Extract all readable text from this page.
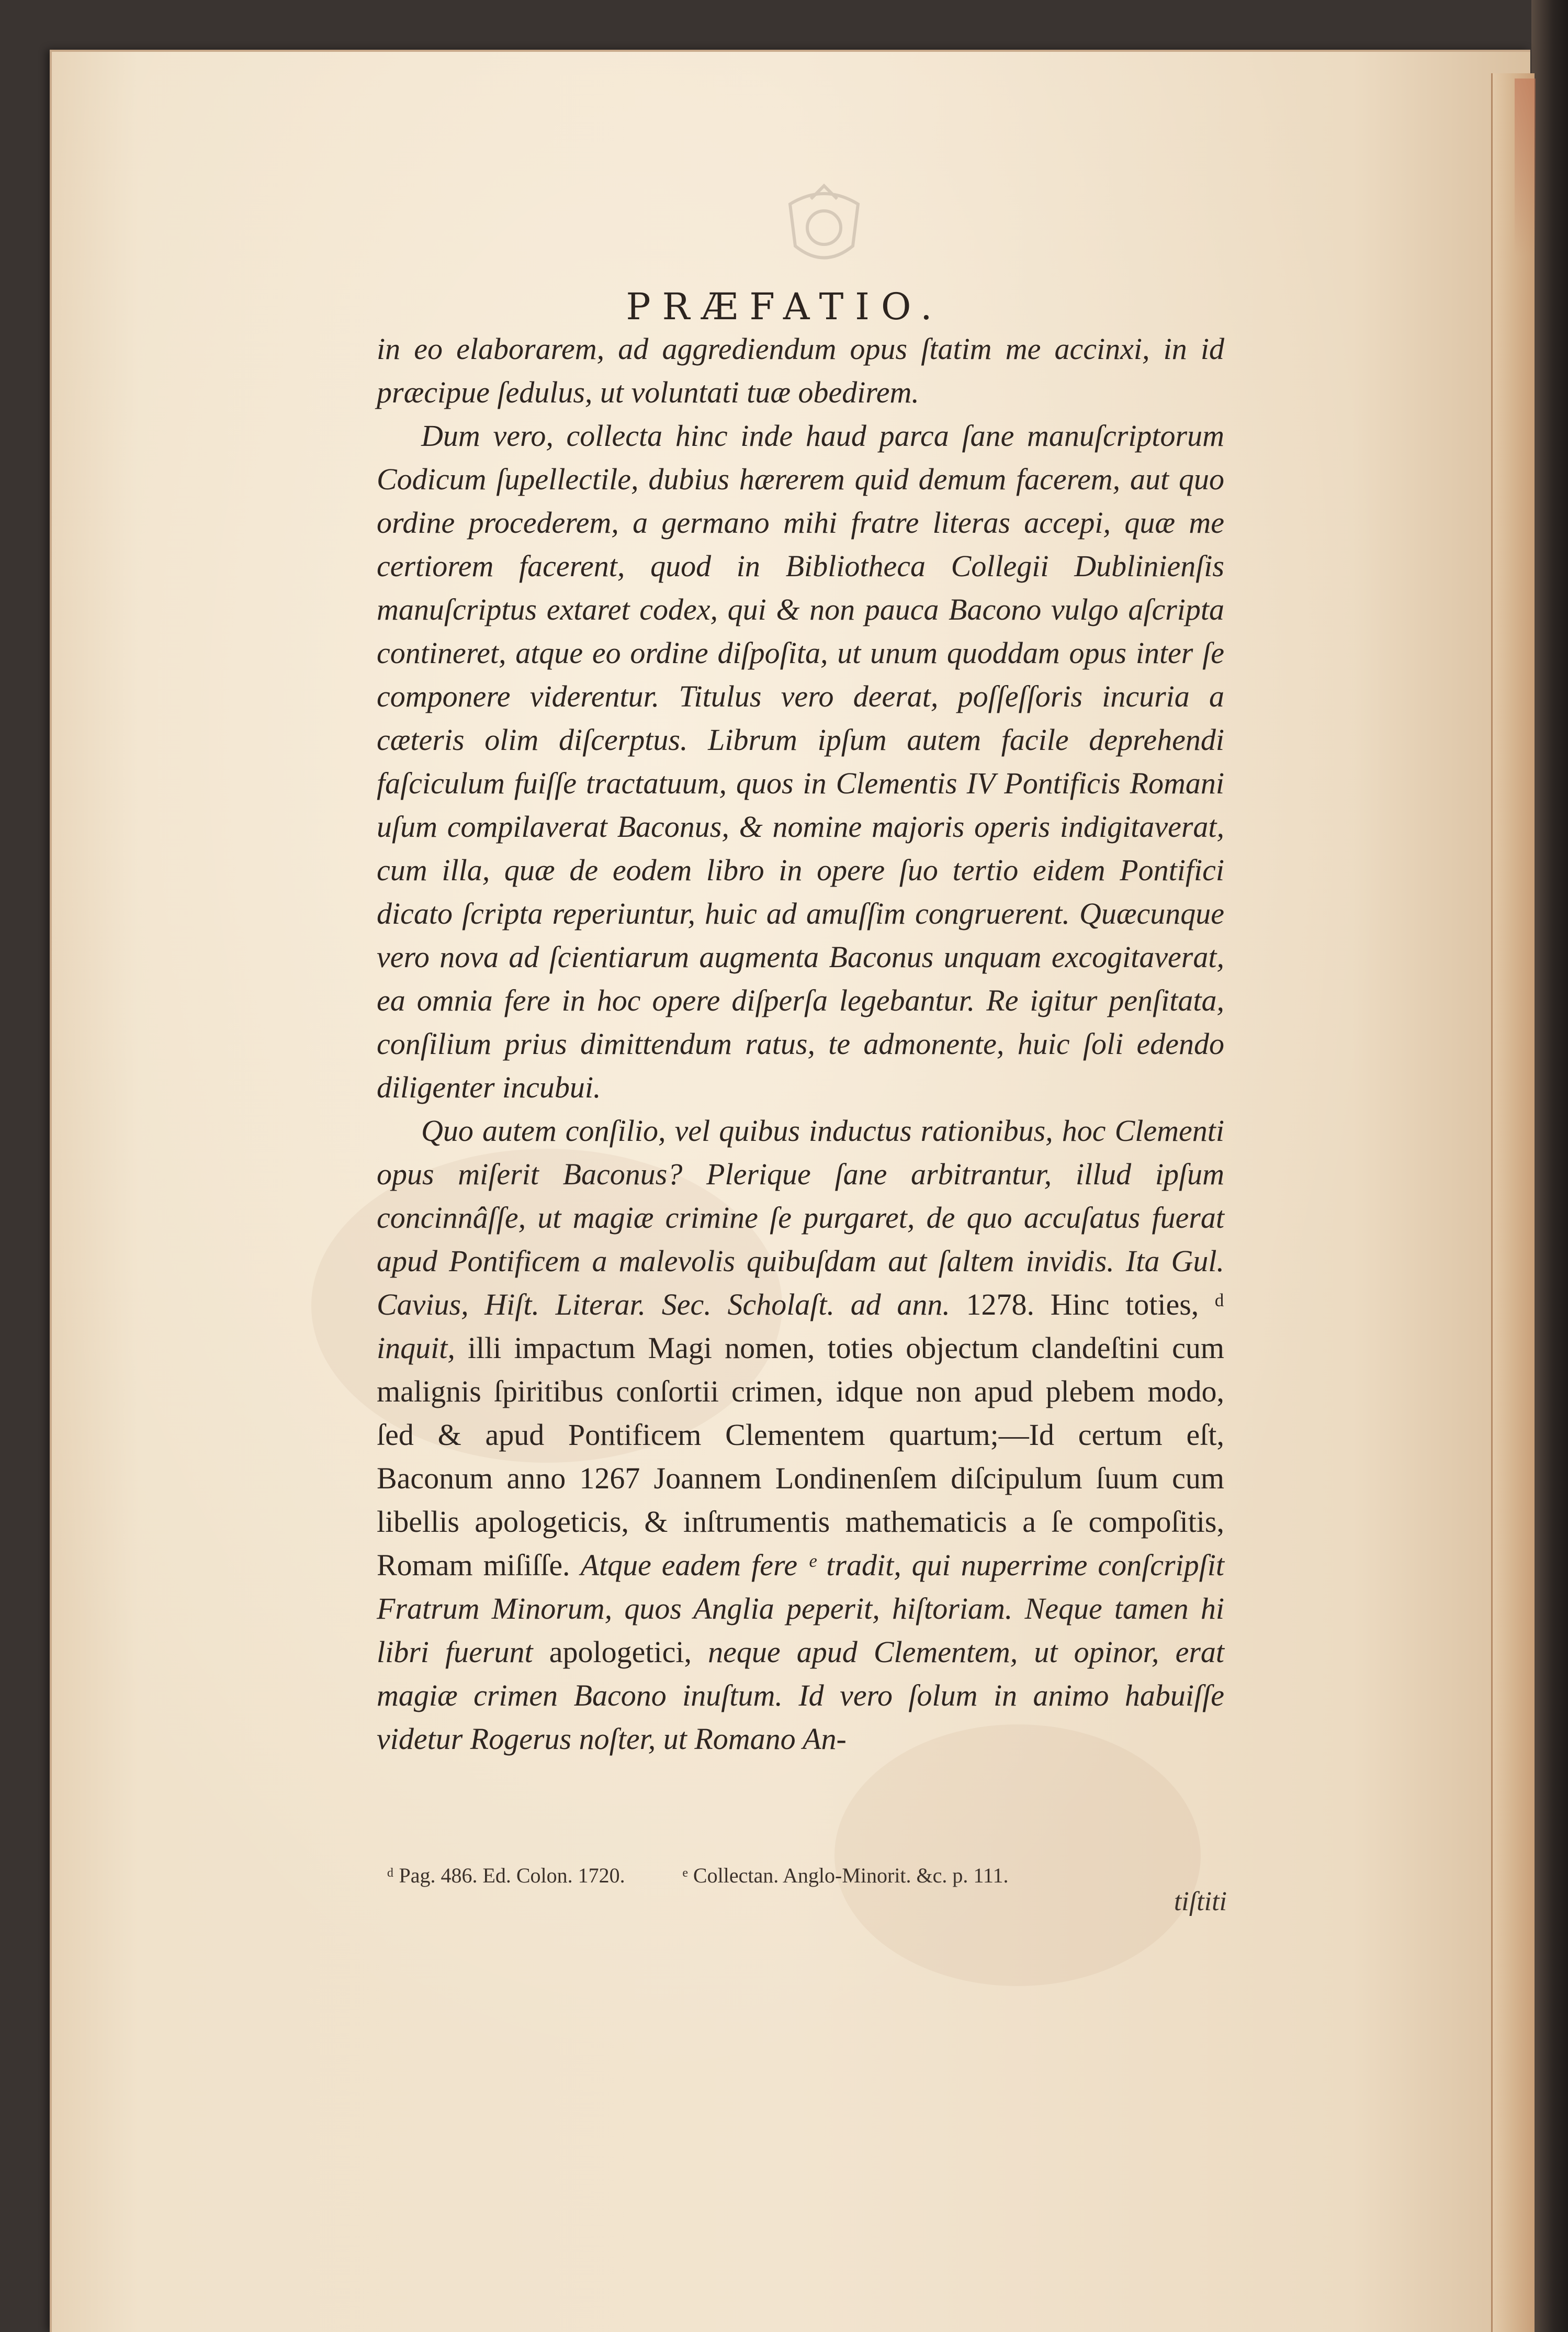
PRÆFATIO.

in eo elaborarem, ad aggrediendum opus ſtatim me accinxi, in id præcipue ſedulus, ut voluntati tuæ obedirem.

Dum vero, collecta hinc inde haud parca ſane manuſcriptorum Codicum ſupellectile, dubius hærerem quid demum facerem, aut quo ordine procederem, a germano mihi fratre literas accepi, quæ me certiorem facerent, quod in Bibliotheca Collegii Dublinienſis manuſcriptus extaret codex, qui & non pauca Bacono vulgo aſcripta contineret, atque eo ordine diſpoſita, ut unum quoddam opus inter ſe componere viderentur. Titulus vero deerat, poſſeſſoris incuria a cæteris olim diſcerptus. Librum ipſum autem facile deprehendi faſciculum fuiſſe tractatuum, quos in Clementis IV Pontificis Romani uſum compilaverat Baconus, & nomine majoris operis indigitaverat, cum illa, quæ de eodem libro in opere ſuo tertio eidem Pontifici dicato ſcripta reperiuntur, huic ad amuſſim congruerent. Quæcunque vero nova ad ſcientiarum augmenta Baconus unquam excogitaverat, ea omnia fere in hoc opere diſperſa legebantur. Re igitur penſitata, conſilium prius dimittendum ratus, te admonente, huic ſoli edendo diligenter incubui.

Quo autem conſilio, vel quibus inductus rationibus, hoc Clementi opus miſerit Baconus? Plerique ſane arbitrantur, illud ipſum concinnâſſe, ut magiæ crimine ſe purgaret, de quo accuſatus fuerat apud Pontificem a malevolis quibuſdam aut ſaltem invidis. Ita Gul. Cavius, Hiſt. Literar. Sec. Scholaſt. ad ann. 1278. Hinc toties, ᵈ inquit, illi impactum Magi nomen, toties objectum clandeſtini cum malignis ſpiritibus conſortii crimen, idque non apud plebem modo, ſed & apud Pontificem Clementem quartum;—Id certum eſt, Baconum anno 1267 Joannem Londinenſem diſcipulum ſuum cum libellis apologeticis, & inſtrumentis mathematicis a ſe compoſitis, Romam miſiſſe. Atque eadem fere ᵉ tradit, qui nuperrime conſcripſit Fratrum Minorum, quos Anglia peperit, hiſtoriam. Neque tamen hi libri fuerunt apologetici, neque apud Clementem, ut opinor, erat magiæ crimen Bacono inuſtum. Id vero ſolum in animo habuiſſe videtur Rogerus noſter, ut Romano An-

ᵈ Pag. 486. Ed. Colon. 1720.	ᵉ Collectan. Anglo-Minorit. &c. p. 111.
tiſtiti
